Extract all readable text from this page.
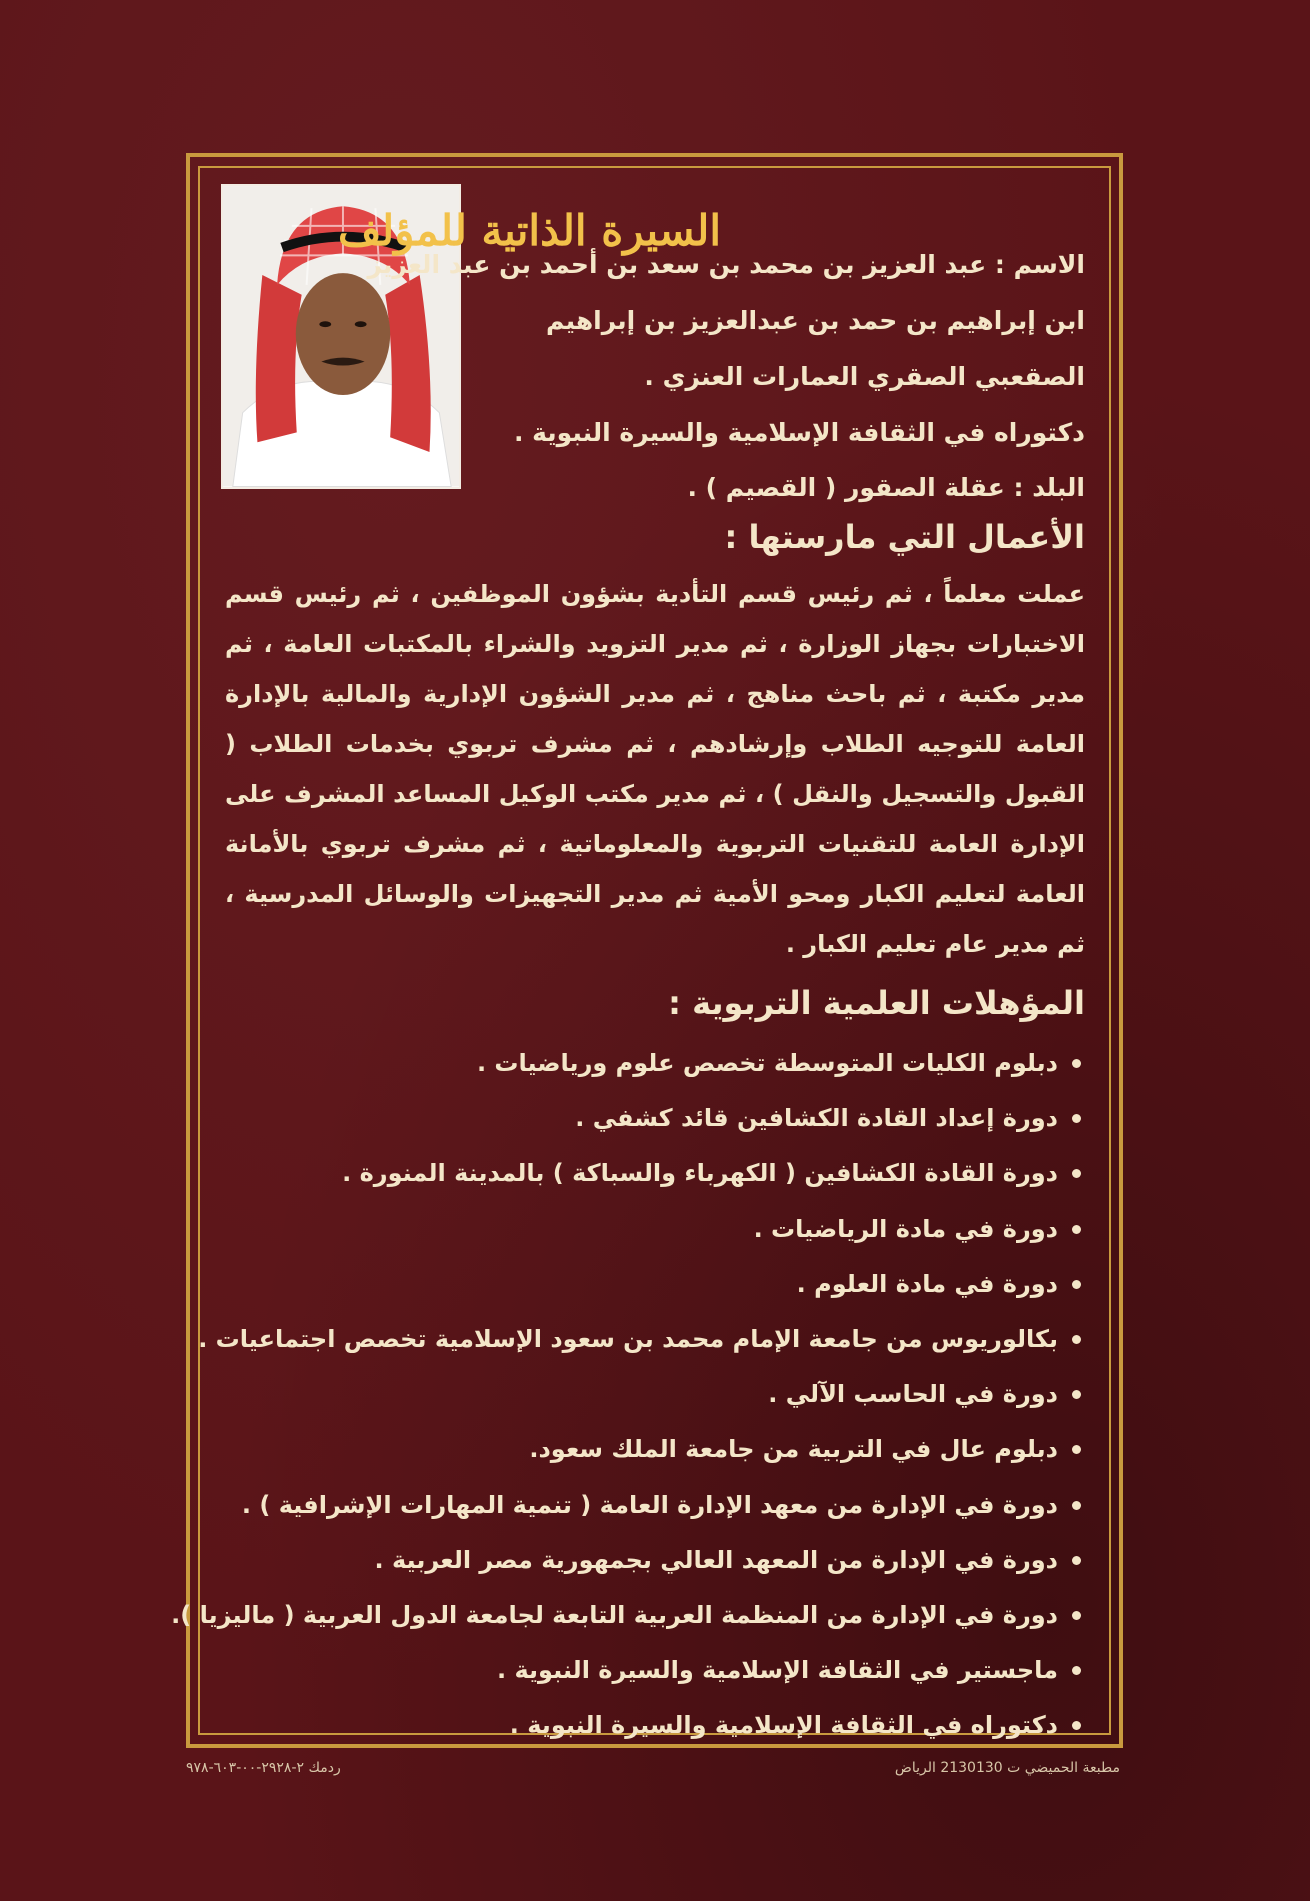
السيرة الذاتية للمؤلف

الاسم : عبد العزيز بن محمد بن سعد بن أحمد بن عبد العزيز

ابن إبراهيم بن حمد بن عبدالعزيز بن إبراهيم

الصقعبي الصقري العمارات العنزي .

دكتوراه في الثقافة الإسلامية والسيرة النبوية .

البلد : عقلة الصقور ( القصيم ) .

الأعمال التي مارستها :

عملت معلماً ، ثم رئيس قسم التأدية بشؤون الموظفين ، ثم رئيس قسم الاختبارات بجهاز الوزارة ، ثم مدير التزويد والشراء بالمكتبات العامة ، ثم مدير مكتبة ، ثم باحث مناهج ، ثم مدير الشؤون الإدارية والمالية بالإدارة العامة للتوجيه الطلاب وإرشادهم ، ثم مشرف تربوي بخدمات الطلاب ( القبول والتسجيل والنقل ) ، ثم مدير مكتب الوكيل المساعد المشرف على الإدارة العامة للتقنيات التربوية والمعلوماتية ، ثم مشرف تربوي بالأمانة العامة لتعليم الكبار ومحو الأمية ثم مدير التجهيزات والوسائل المدرسية ، ثم مدير عام تعليم الكبار .

المؤهلات العلمية التربوية :
دبلوم الكليات المتوسطة تخصص علوم ورياضيات .
دورة إعداد القادة الكشافين قائد كشفي .
دورة القادة الكشافين ( الكهرباء والسباكة ) بالمدينة المنورة .
دورة في مادة الرياضيات .
دورة في مادة العلوم .
بكالوريوس من جامعة الإمام محمد بن سعود الإسلامية تخصص اجتماعيات .
دورة في الحاسب الآلي .
دبلوم عال في التربية من جامعة الملك سعود.
دورة في الإدارة من معهد الإدارة العامة ( تنمية المهارات الإشرافية ) .
دورة في الإدارة من المعهد العالي بجمهورية مصر العربية .
دورة في الإدارة من المنظمة العربية التابعة لجامعة الدول العربية ( ماليزيا ).
ماجستير في الثقافة الإسلامية والسيرة النبوية .
دكتوراه في الثقافة الإسلامية والسيرة النبوية .
مطبعة الحميضي ت 2130130 الرياض
ردمك ٢-٢٩٢٨-٠٠-٦٠٣-٩٧٨
